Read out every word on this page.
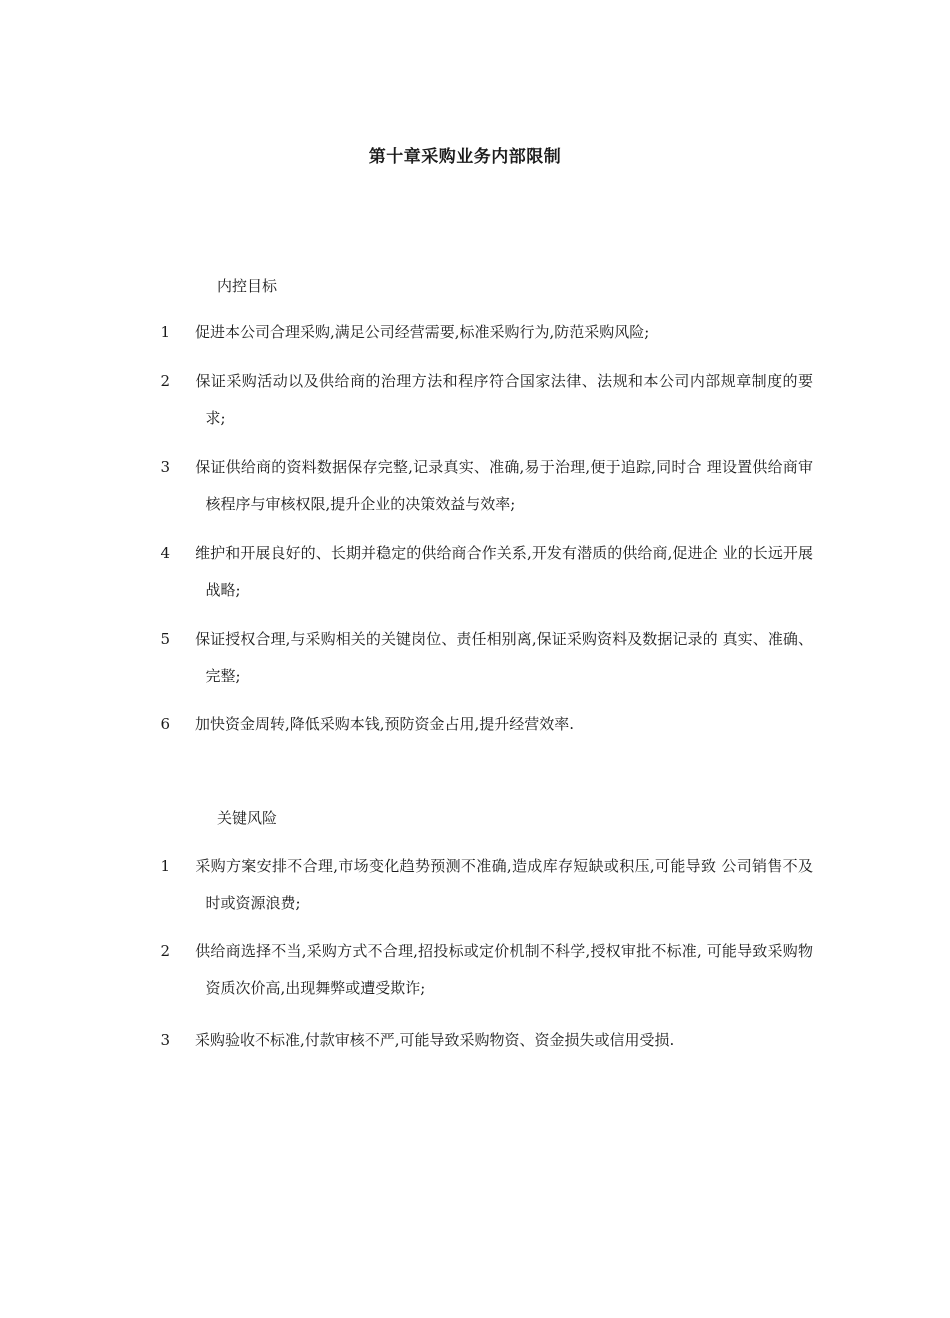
第十章采购业务内部限制
内控目标
1 促进本公司合理采购,满足公司经营需要,标准采购行为,防范采购风险;
2 保证采购活动以及供给商的治理方法和程序符合国家法律、法规和本公司内部规章制度的要求;
3 保证供给商的资料数据保存完整,记录真实、准确,易于治理,便于追踪,同时合 理设置供给商审核程序与审核权限,提升企业的决策效益与效率;
4 维护和开展良好的、长期并稳定的供给商合作关系,开发有潜质的供给商,促进企 业的长远开展战略;
5 保证授权合理,与采购相关的关键岗位、责任相别离,保证采购资料及数据记录的 真实、准确、完整;
6 加快资金周转,降低采购本钱,预防资金占用,提升经营效率.
关键风险
1 采购方案安排不合理,市场变化趋势预测不准确,造成库存短缺或积压,可能导致 公司销售不及时或资源浪费;
2 供给商选择不当,采购方式不合理,招投标或定价机制不科学,授权审批不标准, 可能导致采购物资质次价高,出现舞弊或遭受欺诈;
3 采购验收不标准,付款审核不严,可能导致采购物资、资金损失或信用受损.
